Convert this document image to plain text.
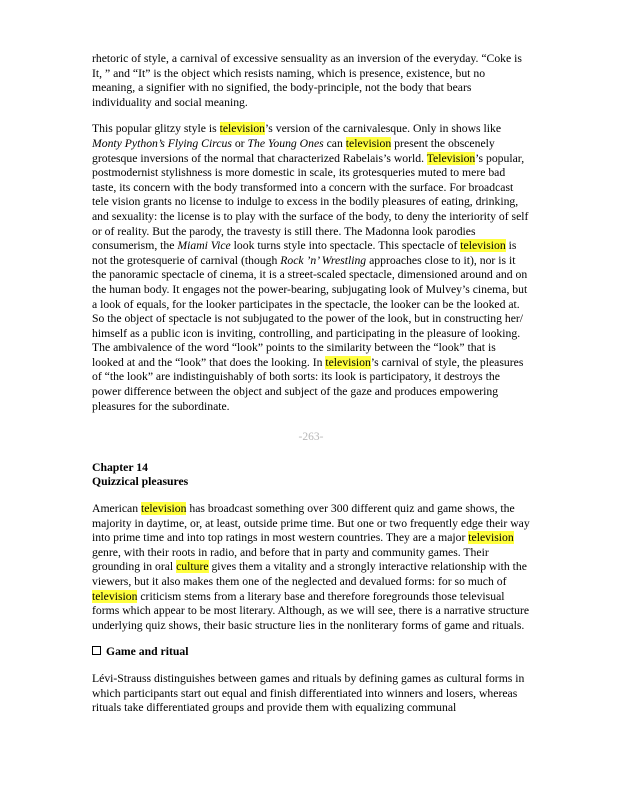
rhetoric of style, a carnival of excessive sensuality as an inversion of the everyday. “Coke is It, ” and “It” is the object which resists naming, which is presence, existence, but no meaning, a signifier with no signified, the body-principle, not the body that bears individuality and social meaning.

This popular glitzy style is television’s version of the carnivalesque. Only in shows like Monty Python’s Flying Circus or The Young Ones can television present the obscenely grotesque inversions of the normal that characterized Rabelais’s world. Television’s popular, postmodernist stylishness is more domestic in scale, its grotesqueries muted to mere bad taste, its concern with the body transformed into a concern with the surface. For broadcast tele vision grants no license to indulge to excess in the bodily pleasures of eating, drinking, and sexuality: the license is to play with the surface of the body, to deny the interiority of self or of reality. But the parody, the travesty is still there. The Madonna look parodies consumerism, the Miami Vice look turns style into spectacle. This spectacle of television is not the grotesquerie of carnival (though Rock ’n’ Wrestling approaches close to it), nor is it the panoramic spectacle of cinema, it is a street-scaled spectacle, dimensioned around and on the human body. It engages not the power-bearing, subjugating look of Mulvey’s cinema, but a look of equals, for the looker participates in the spectacle, the looker can be the looked at. So the object of spectacle is not subjugated to the power of the look, but in constructing her/ himself as a public icon is inviting, controlling, and participating in the pleasure of looking. The ambivalence of the word “look” points to the similarity between the “look” that is looked at and the “look” that does the looking. In television’s carnival of style, the pleasures of “the look” are indistinguishably of both sorts: its look is participatory, it destroys the power difference between the object and subject of the gaze and produces empowering pleasures for the subordinate.

-263-

Chapter 14

Quizzical pleasures

American television has broadcast something over 300 different quiz and game shows, the majority in daytime, or, at least, outside prime time. But one or two frequently edge their way into prime time and into top ratings in most western countries. They are a major television genre, with their roots in radio, and before that in party and community games. Their grounding in oral culture gives them a vitality and a strongly interactive relationship with the viewers, but it also makes them one of the neglected and devalued forms: for so much of television criticism stems from a literary base and therefore foregrounds those televisual forms which appear to be most literary. Although, as we will see, there is a narrative structure underlying quiz shows, their basic structure lies in the nonliterary forms of game and rituals.

Game and ritual

Lévi-Strauss distinguishes between games and rituals by defining games as cultural forms in which participants start out equal and finish differentiated into winners and losers, whereas rituals take differentiated groups and provide them with equalizing communal
